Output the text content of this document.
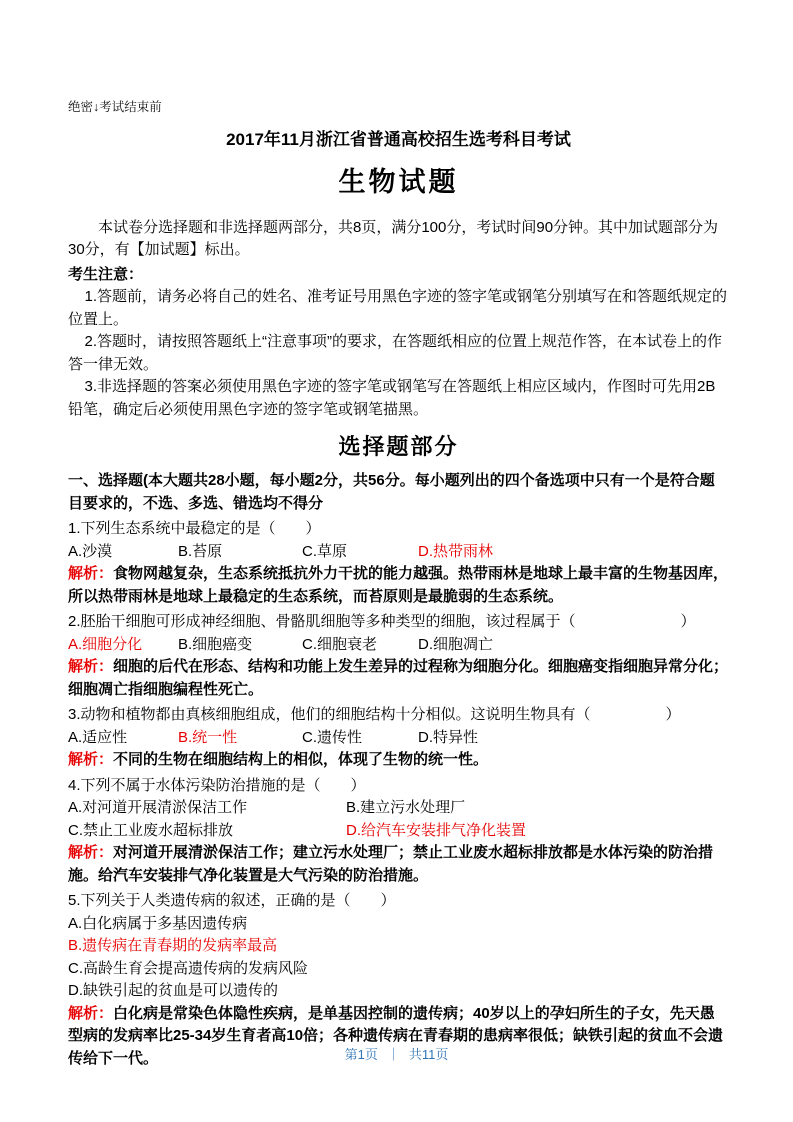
绝密↓考试结束前
2017年11月浙江省普通高校招生选考科目考试
生物试题

本试卷分选择题和非选择题两部分，共8页，满分100分，考试时间90分钟。其中加试题部分为30分，有【加试题】标出。

考生注意：

1.答题前，请务必将自己的姓名、准考证号用黑色字迹的签字笔或钢笔分别填写在和答题纸规定的位置上。

2.答题时，请按照答题纸上“注意事项”的要求，在答题纸相应的位置上规范作答，在本试卷上的作答一律无效。

3.非选择题的答案必须使用黑色字迹的签字笔或钢笔写在答题纸上相应区域内，作图时可先用2B铅笔，确定后必须使用黑色字迹的签字笔或钢笔描黑。

选择题部分

一、选择题(本大题共28小题，每小题2分，共56分。每小题列出的四个备选项中只有一个是符合题目要求的，不选、多选、错选均不得分

1.下列生态系统中最稳定的是（　　）

A.沙漠	B.苔原	C.草原	D.热带雨林

解析：食物网越复杂，生态系统抵抗外力干扰的能力越强。热带雨林是地球上最丰富的生物基因库，所以热带雨林是地球上最稳定的生态系统，而苔原则是最脆弱的生态系统。

2.胚胎干细胞可形成神经细胞、骨骼肌细胞等多种类型的细胞，该过程属于（　　　　　　　）

A.细胞分化	B.细胞癌变	C.细胞衰老	D.细胞凋亡

解析：细胞的后代在形态、结构和功能上发生差异的过程称为细胞分化。细胞癌变指细胞异常分化；细胞凋亡指细胞编程性死亡。

3.动物和植物都由真核细胞组成，他们的细胞结构十分相似。这说明生物具有（　　　　　）

A.适应性	B.统一性	C.遗传性	D.特异性

解析：不同的生物在细胞结构上的相似，体现了生物的统一性。

4.下列不属于水体污染防治措施的是（　　）

A.对河道开展清淤保洁工作	B.建立污水处理厂
C.禁止工业废水超标排放	D.给汽车安装排气净化装置

解析：对河道开展清淤保洁工作；建立污水处理厂；禁止工业废水超标排放都是水体污染的防治措施。给汽车安装排气净化装置是大气污染的防治措施。

5.下列关于人类遗传病的叙述，正确的是（　　）

A.白化病属于多基因遗传病
B.遗传病在青春期的发病率最高
C.高龄生育会提高遗传病的发病风险
D.缺铁引起的贫血是可以遗传的

解析：白化病是常染色体隐性疾病，是单基因控制的遗传病；40岁以上的孕妇所生的子女，先天愚型病的发病率比25-34岁生育者高10倍；各种遗传病在青春期的患病率很低；缺铁引起的贫血不会遗传给下一代。	第1页 ｜ 共11页
